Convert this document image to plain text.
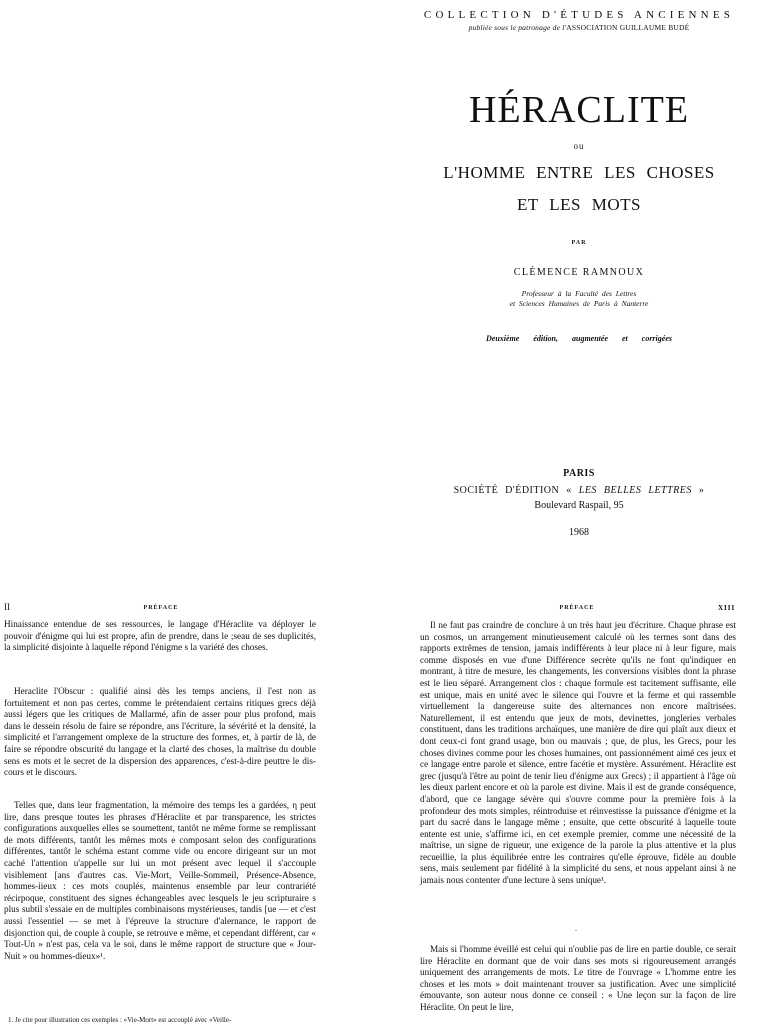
COLLECTION D'ÉTUDES ANCIENNES
publiée sous le patronage de l'ASSOCIATION GUILLAUME BUDÉ
HÉRACLITE
ou
L'HOMME ENTRE LES CHOSES
ET LES MOTS
PAR
CLÉMENCE RAMNOUX
Professeur à la Faculté des Lettres
et Sciences Humaines de Paris à Nanterre
Deuxième édition, augmentée et corrigées
PARIS
SOCIÉTÉ D'ÉDITION « LES BELLES LETTRES »
Boulevard Raspail, 95
1968
II	PRÉFACE

Hinaissance entendue de ses ressources, le langage d'Héraclite va déployer le pouvoir d'énigme qui lui est propre, afin de prendre, dans le ;seau de ses duplicités, la simplicité disjointe à laquelle répond l'énigme s la variété des choses.

Heraclite l'Obscur : qualifié ainsi dès les temps anciens, il l'est non as fortuitement et non pas certes, comme le prétendaient certains ritiques grecs déjà aussi légers que les critiques de Mallarmé, afin de asser pour plus profond, mais dans le dessein résolu de faire se répondre, ans l'écriture, la sévérité et la densité, la simplicité et l'arrangement omplexe de la structure des formes, et, à partir de là, de faire se répondre obscurité du langage et la clarté des choses, la maîtrise du double sens es mots et le secret de la dispersion des apparences, c'est-à-dire peuttre le dis-cours et le discours.

Telles que, dans leur fragmentation, la mémoire des temps les a gardées, η peut lire, dans presque toutes les phrases d'Héraclite et par transparence, les strictes configurations auxquelles elles se soumettent, tantôt ne même forme se remplissant de mots différents, tantôt les mêmes mots e composant selon des configurations différentes, tantôt le schéma estant comme vide ou encore dirigeant sur un mot caché l'attention u'appelle sur lui un mot présent avec lequel il s'accouple visiblement [ans d'autres cas. Vie-Mort, Veille-Sommeil, Présence-Absence, hommes-iieux : ces mots couplés, maintenus ensemble par leur contrariété récirpoque, constituent des signes échangeables avec lesquels le jeu scripturaire s plus subtil s'essaie en de multiples combinaisons mystérieuses, tandis [ue — et c'est aussi l'essentiel — se met à l'épreuve la structure d'alernance, le rapport de disjonction qui, de couple à couple, se retrouve e même, et cependant différent, car « Tout-Un » n'est pas, cela va le soi, dans le même rapport de structure que « Jour-Nuit » ou hommes-dieux»¹.

1. Je cite pour illustration ces exemples : «Vie-Mort» est accouplé avec «Veille-
PRÉFACE	XIII

Il ne faut pas craindre de conclure à un très haut jeu d'écriture. Chaque phrase est un cosmos, un arrangement minutieusement calculé où les termes sont dans des rapports extrêmes de tension, jamais indifférents à leur place ni à leur figure, mais comme disposés en vue d'une Différence secrète qu'ils ne font qu'indiquer en montrant, à titre de mesure, les changements, les conversions visibles dont la phrase est le lieu séparé. Arrangement clos : chaque formule est tacitement suffisante, elle est unique, mais en unité avec le silence qui l'ouvre et la ferme et qui rassemble virtuellement la dangereuse suite des alternances non encore maîtrisées. Naturellement, il est entendu que jeux de mots, devinettes, jongleries verbales constituent, dans les traditions archaïques, une manière de dire qui plaît aux dieux et dont ceux-ci font grand usage, bon ou mauvais ; que, de plus, les Grecs, pour les choses divines comme pour les choses humaines, ont passionnément aimé ces jeux et ce langage entre parole et silence, entre facétie et mystère. Assurément. Héraclite est grec (jusqu'à l'être au point de tenir lieu d'énigme aux Grecs) ; il appartient à l'âge où les dieux parlent encore et où la parole est divine. Mais il est de grande conséquence, d'abord, que ce langage sévère qui s'ouvre comme pour la première fois à la profondeur des mots simples, réintroduise et réinvestisse la puissance d'énigme et la part du sacré dans le langage même ; ensuite, que cette obscurité à laquelle toute entente est unie, s'affirme ici, en cet exemple premier, comme une nécessité de la maîtrise, un signe de rigueur, une exigence de la parole la plus attentive et la plus recueillie, la plus équilibrée entre les contraires qu'elle éprouve, fidèle au double sens, mais seulement par fidélité à la simplicité du sens, et nous appelant ainsi à ne jamais nous contenter d'une lecture à sens unique¹.

.

Mais si l'homme éveillé est celui qui n'oublie pas de lire en partie double, ce serait lire Héraclite en dormant que de voir dans ses mots si rigoureusement arrangés uniquement des arrangements de mots. Le titre de l'ouvrage « L'homme entre les choses et les mots » doit maintenant trouver sa justification. Avec une simplicité émouvante, son auteur nous donne ce conseil : « Une leçon sur la façon de lire Héraclite. On peut le lire,
